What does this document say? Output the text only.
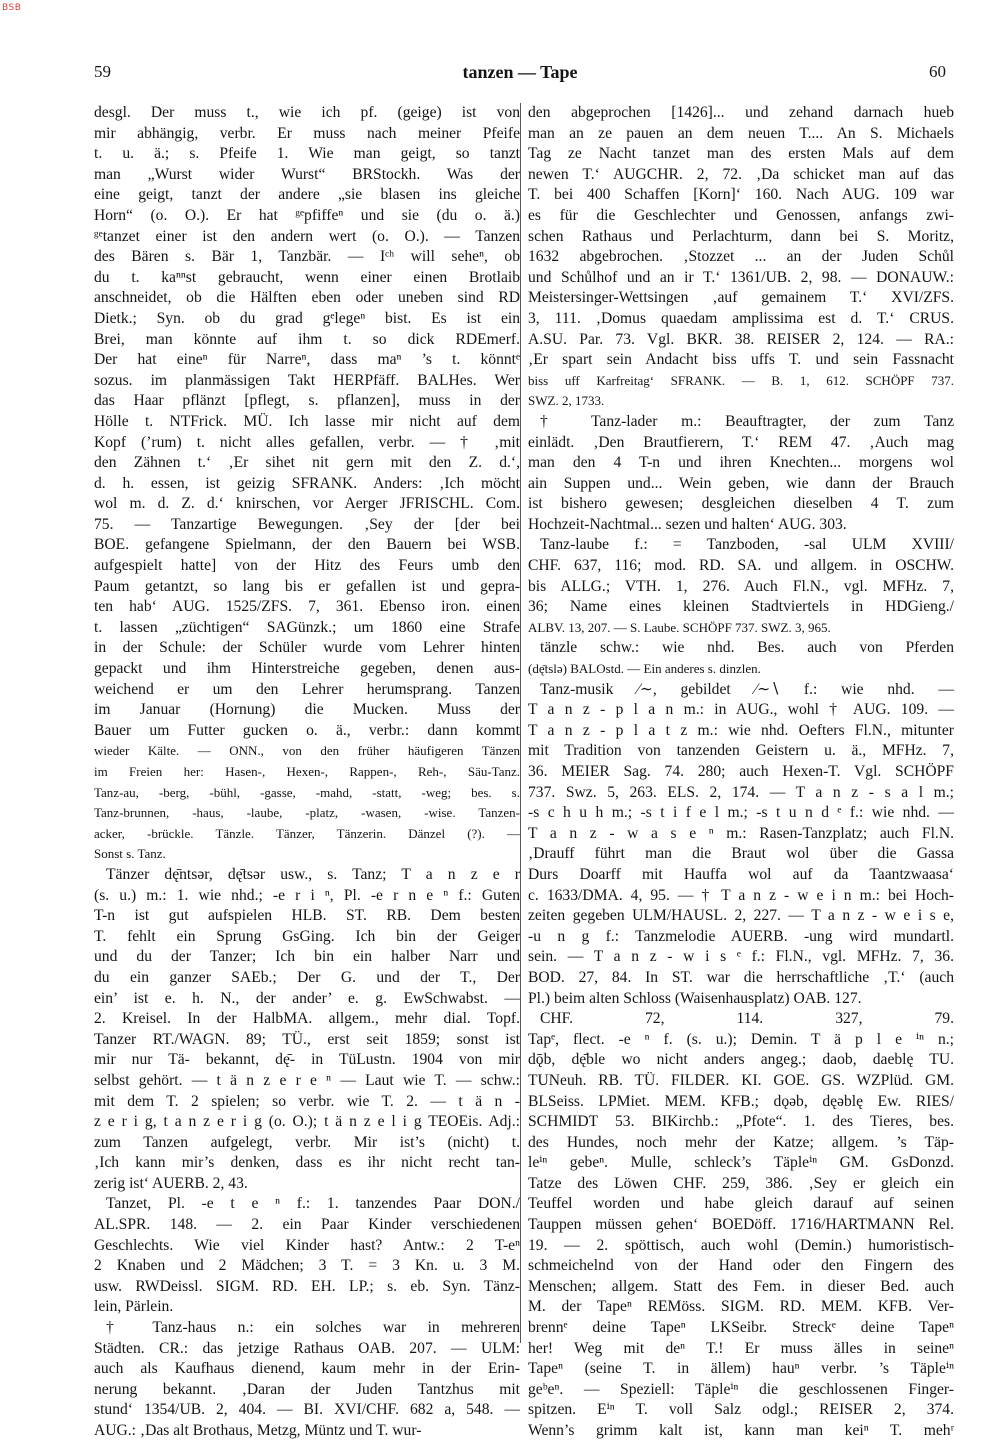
BSB
59	tanzen — Tape	60
desgl. Der muss t., wie ich pf. (geige) ist von
mir abhängig, verbr. Er muss nach meiner Pfeife
t. u. ä.; s. Pfeife 1. Wie man geigt, so tanzt
man „Wurst wider Wurst“ BRStockh. Was der
eine geigt, tanzt der andere „sie blasen ins gleiche
Horn“ (o. O.). Er hat ᵍᵉpfiffeⁿ und sie (du o. ä.)
ᵍᵉtanzet einer ist den andern wert (o. O.). — Tanzen
des Bären s. Bär 1, Tanzbär. — Iᶜʰ will seheⁿ, ob
du t. kaⁿⁿst gebraucht, wenn einer einen Brotlaib
anschneidet, ob die Hälften eben oder uneben sind RD
Dietk.; Syn. ob du grad gᵉlegeⁿ bist. Es ist ein
Brei, man könnte auf ihm t. so dick RDEmerf.
Der hat eineⁿ für Narreⁿ, dass maⁿ ’s t. könntᵉ
sozus. im planmässigen Takt HERPfäff. BALHes. Wer
das Haar pflänzt [pflegt, s. pflanzen], muss in der
Hölle t. NTFrick. MÜ. Ich lasse mir nicht auf dem
Kopf (’rum) t. nicht alles gefallen, verbr. — † ‚mit
den Zähnen t.‘ ‚Er sihet nit gern mit den Z. d.‘,
d. h. essen, ist geizig SFRANK. Anders: ‚Ich möcht
wol m. d. Z. d.‘ knirschen, vor Aerger JFRISCHL. Com.
75. — Tanzartige Bewegungen. ‚Sey der [der bei
BOE. gefangene Spielmann, der den Bauern bei WSB.
aufgespielt hatte] von der Hitz des Feurs umb den
Paum getantzt, so lang bis er gefallen ist und gepra-
ten hab‘ AUG. 1525/ZFS. 7, 361. Ebenso iron. einen
t. lassen „züchtigen“ SAGünzk.; um 1860 eine Strafe
in der Schule: der Schüler wurde vom Lehrer hinten
gepackt und ihm Hinterstreiche gegeben, denen aus-
weichend er um den Lehrer herumsprang. Tanzen
im Januar (Hornung) die Mucken. Muss der
Bauer um Futter gucken o. ä., verbr.: dann kommt
wieder Kälte. — ONN., von den früher häufigeren Tänzen
im Freien her: Hasen-, Hexen-, Rappen-, Reh-, Säu-Tanz.
Tanz-au, -berg, -bühl, -gasse, -mahd, -statt, -weg; bes. s.
Tanz-brunnen, -haus, -laube, -platz, -wasen, -wise. Tanzen-
acker, -brückle. Tänzle. Tänzer, Tänzerin. Dänzel (?). —
Sonst s. Tanz.
Tänzer dę̄ntsər, dę̄tsər usw., s. Tanz; T a n z e r
(s. u.) m.: 1. wie nhd.; -e r i ⁿ, Pl. -e r n e ⁿ f.: Guten
T-n ist gut aufspielen HLB. ST. RB. Dem besten
T. fehlt ein Sprung GsGing. Ich bin der Geiger
und du der Tanzer; Ich bin ein halber Narr und
du ein ganzer SAEb.; Der G. und der T., Der
ein’ ist e. h. N., der ander’ e. g. EwSchwabst. —
2. Kreisel. In der HalbMA. allgem., mehr dial. Topf.
Tanzer RT./WAGN. 89; TÜ., erst seit 1859; sonst ist
mir nur Tä- bekannt, dę̄- in TüLustn. 1904 von mir
selbst gehört. — t ä n z e r e ⁿ — Laut wie T. — schw.:
mit dem T. 2 spielen; so verbr. wie T. 2. — t ä n -
z e r i g, t a n z e r i g (o. O.); t ä n z e l i g TEOEis. Adj.:
zum Tanzen aufgelegt, verbr. Mir ist’s (nicht) t.
‚Ich kann mir’s denken, dass es ihr nicht recht tan-
zerig ist‘ AUERB. 2, 43.
Tanzet, Pl. -e t e ⁿ f.: 1. tanzendes Paar DON./
AL.SPR. 148. — 2. ein Paar Kinder verschiedenen
Geschlechts. Wie viel Kinder hast? Antw.: 2 T-eⁿ
2 Knaben und 2 Mädchen; 3 T. = 3 Kn. u. 3 M.
usw. RWDeissl. SIGM. RD. EH. LP.; s. eb. Syn. Tänz-
lein, Pärlein.
† Tanz-haus n.: ein solches war in mehreren
Städten. CR.: das jetzige Rathaus OAB. 207. — ULM:
auch als Kaufhaus dienend, kaum mehr in der Erin-
nerung bekannt. ‚Daran der Juden Tantzhus mit
stund‘ 1354/UB. 2, 404. — BI. XVI/CHF. 682 a, 548. —
AUG.: ‚Das alt Brothaus, Metzg, Müntz und T. wur-
den abgeprochen [1426]... und zehand darnach hueb
man an ze pauen an dem neuen T.... An S. Michaels
Tag ze Nacht tanzet man des ersten Mals auf dem
newen T.‘ AUGCHR. 2, 72. ‚Da schicket man auf das
T. bei 400 Schaffen [Korn]‘ 160. Nach AUG. 109 war
es für die Geschlechter und Genossen, anfangs zwi-
schen Rathaus und Perlachturm, dann bei S. Moritz,
1632 abgebrochen. ‚Stozzet ... an der Juden Schůl
und Schůlhof und an ir T.‘ 1361/UB. 2, 98. — DONAUW.:
Meistersinger-Wettsingen ‚auf gemainem T.‘ XVI/ZFS.
3, 111. ‚Domus quaedam amplissima est d. T.‘ CRUS.
A.SU. Par. 73. Vgl. BKR. 38. REISER 2, 124. — RA.:
‚Er spart sein Andacht biss uffs T. und sein Fassnacht
biss uff Karfreitag‘ SFRANK. — B. 1, 612. SCHÖPF 737.
SWZ. 2, 1733.
† Tanz-lader m.: Beauftragter, der zum Tanz
einlädt. ‚Den Brautfierern, T.‘ REM 47. ‚Auch mag
man den 4 T-n und ihren Knechten... morgens wol
ain Suppen und... Wein geben, wie dann der Brauch
ist bishero gewesen; desgleichen dieselben 4 T. zum
Hochzeit-Nachtmal... sezen und halten‘ AUG. 303.
Tanz-laube f.: = Tanzboden, -sal ULM XVIII/
CHF. 637, 116; mod. RD. SA. und allgem. in OSCHW.
bis ALLG.; VTH. 1, 276. Auch Fl.N., vgl. MFHz. 7,
36; Name eines kleinen Stadtviertels in HDGieng./
ALBV. 13, 207. — S. Laube. SCHÖPF 737. SWZ. 3, 965.
tänzle schw.: wie nhd. Bes. auch von Pferden
(dę̄tslə) BALOstd. — Ein anderes s. dinzlen.
Tanz-musik ⁄∼, gebildet ⁄∼∖ f.: wie nhd. —
T a n z - p l a n m.: in AUG., wohl † AUG. 109. —
T a n z - p l a t z m.: wie nhd. Oefters Fl.N., mitunter
mit Tradition von tanzenden Geistern u. ä., MFHz. 7,
36. MEIER Sag. 74. 280; auch Hexen-T. Vgl. SCHÖPF
737. Swz. 5, 263. ELS. 2, 174. — T a n z - s a l m.;
-s c h u h m.; -s t i f e l m.; -s t u n d ᵉ f.: wie nhd. —
T a n z - w a s e ⁿ m.: Rasen-Tanzplatz; auch Fl.N.
‚Drauff führt man die Braut wol über die Gassa
Durs Doarff mit Hauffa wol auf da Taantzwaasa‘
c. 1633/DMA. 4, 95. — † T a n z - w e i n m.: bei Hoch-
zeiten gegeben ULM/HAUSL. 2, 227. — T a n z - w e i s e,
-u n g f.: Tanzmelodie AUERB. -ung wird mundartl.
sein. — T a n z - w i s ᵉ f.: Fl.N., vgl. MFHz. 7, 36.
BOD. 27, 84. In ST. war die herrschaftliche ‚T.‘ (auch
Pl.) beim alten Schloss (Waisenhausplatz) OAB. 127.
CHF. 72, 114. 327, 79.
Tapᵉ, flect. -e ⁿ f. (s. u.); Demin. T ä p l e ⁱⁿ n.;
dǭb, dę̄ble wo nicht anders angeg.; daob, daeblę TU.
TUNeuh. RB. TÜ. FILDER. KI. GOE. GS. WZPlüd. GM.
BLSeiss. LPMiet. MEM. KFB.; dǫəb, dęəblę Ew. RIES/
SCHMIDT 53. BIKirchb.: „Pfote“. 1. des Tieres, bes.
des Hundes, noch mehr der Katze; allgem. ’s Täp-
leⁱⁿ gebeⁿ. Mulle, schleck’s Täpleⁱⁿ GM. GsDonzd.
Tatze des Löwen CHF. 259, 386. ‚Sey er gleich ein
Teuffel worden und habe gleich darauf auf seinen
Tauppen müssen gehen‘ BOEDöff. 1716/HARTMANN Rel.
19. — 2. spöttisch, auch wohl (Demin.) humoristisch-
schmeichelnd von der Hand oder den Fingern des
Menschen; allgem. Statt des Fem. in dieser Bed. auch
M. der Tapeⁿ REMöss. SIGM. RD. MEM. KFB. Ver-
brennᵉ deine Tapeⁿ LKSeibr. Streckᵉ deine Tapeⁿ
her! Weg mit deⁿ T.! Er muss älles in seineⁿ
Tapeⁿ (seine T. in ällem) hauⁿ verbr. ’s Täpleⁱⁿ
geᵇeⁿ. — Speziell: Täpleⁱⁿ die geschlossenen Finger-
spitzen. Eⁱⁿ T. voll Salz odgl.; REISER 2, 374.
Wenn’s grimm kalt ist, kann man keiⁿ T. mehʳ
